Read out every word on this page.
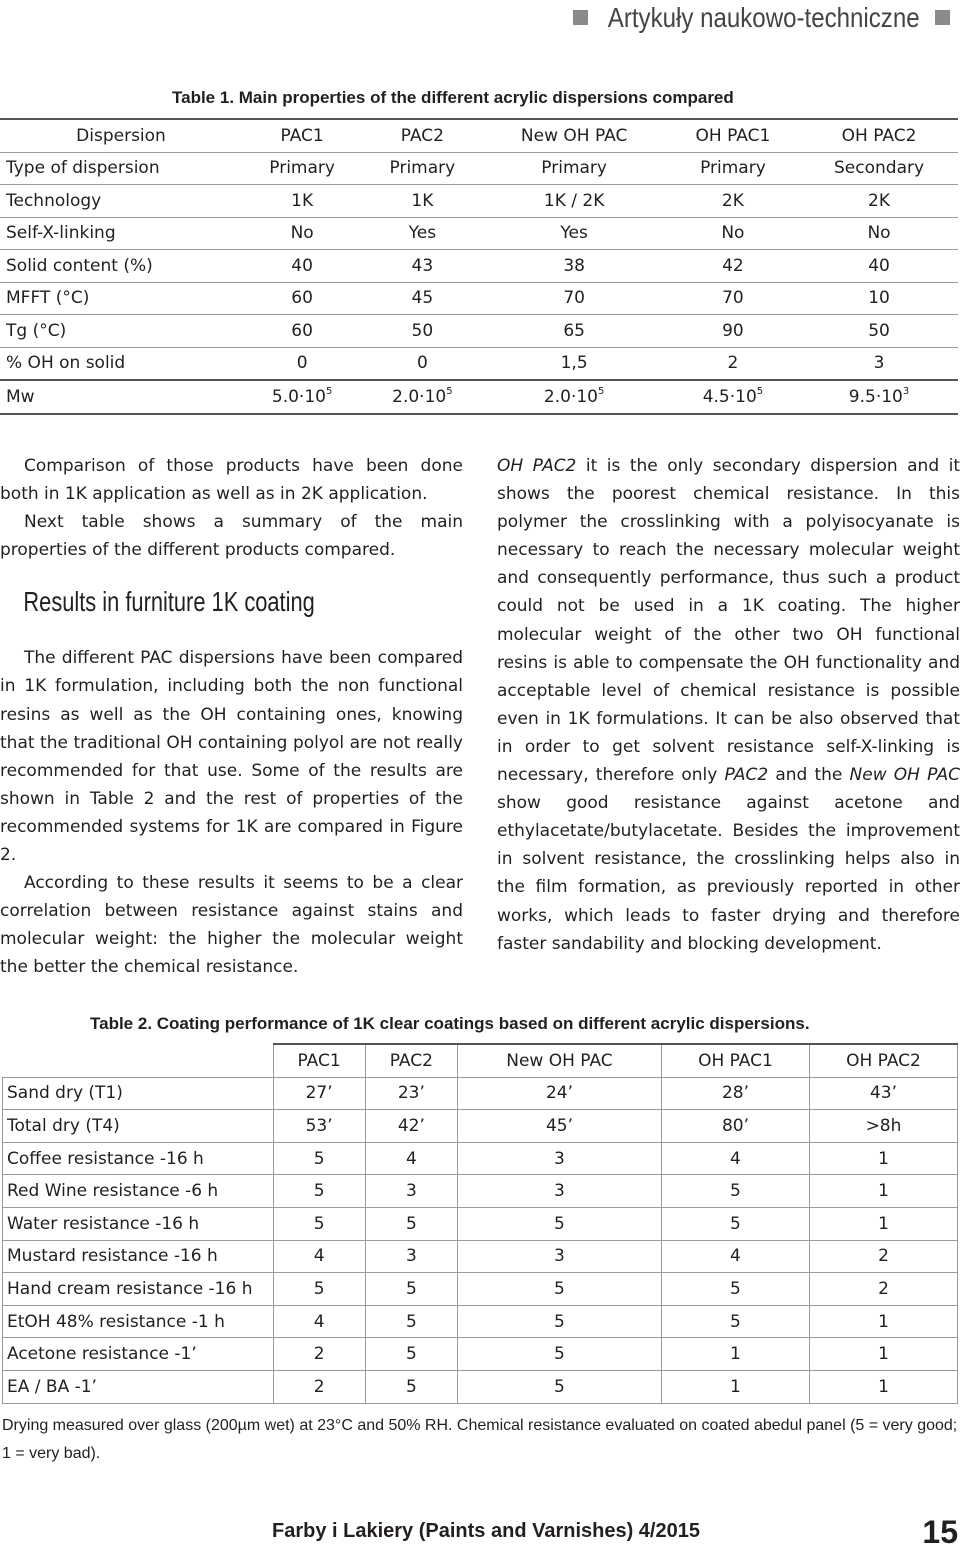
Artykuły naukowo-techniczne
Table 1. Main properties of the different acrylic dispersions compared
Dispersion	PAC1	PAC2	New OH PAC	OH PAC1	OH PAC2
Type of dispersion	Primary	Primary	Primary	Primary	Secondary
Technology	1K	1K	1K / 2K	2K	2K
Self-X-linking	No	Yes	Yes	No	No
Solid content (%)	40	43	38	42	40
MFFT (°C)	60	45	70	70	10
Tg (°C)	60	50	65	90	50
% OH on solid	0	0	1,5	2	3
Mw	$5.0\cdot 10^5$	$2.0\cdot 10^5$	$2.0\cdot 10^5$	$4.5\cdot 10^5$	$9.5\cdot 10^3$

Comparison of those products have been done both in 1K application as well as in 2K application.

Next table shows a summary of the main properties of the different products compared.

Results in furniture 1K coating

The different PAC dispersions have been compared in 1K formulation, including both the non functional resins as well as the OH containing ones, knowing that the traditional OH containing polyol are not really recommended for that use. Some of the results are shown in Table 2 and the rest of properties of the recommended systems for 1K are compared in Figure 2.

According to these results it seems to be a clear correlation between resistance against stains and molecular weight: the higher the molecular weight the better the chemical resistance.

OH PAC2 it is the only secondary dispersion and it shows the poorest chemical resistance. In this polymer the crosslinking with a polyisocyanate is necessary to reach the necessary molecular weight and consequently performance, thus such a product could not be used in a 1K coating. The higher molecular weight of the other two OH functional resins is able to compensate the OH functionality and acceptable level of chemical resistance is possible even in 1K formulations. It can be also observed that in order to get solvent resistance self-X-linking is necessary, therefore only PAC2 and the New OH PAC show good resistance against acetone and ethylacetate/butylacetate. Besides the improvement in solvent resistance, the crosslinking helps also in the film formation, as previously reported in other works, which leads to faster drying and therefore faster sandability and blocking development.

Table 2. Coating performance of 1K clear coatings based on different acrylic dispersions.
	PAC1	PAC2	New OH PAC	OH PAC1	OH PAC2
Sand dry (T1)	27’	23’	24’	28’	43’
Total dry (T4)	53’	42’	45’	80’	>8h
Coffee resistance -16 h	5	4	3	4	1
Red Wine resistance -6 h	5	3	3	5	1
Water resistance -16 h	5	5	5	5	1
Mustard resistance -16 h	4	3	3	4	2
Hand cream resistance -16 h	5	5	5	5	2
EtOH 48% resistance -1 h	4	5	5	5	1
Acetone resistance -1’	2	5	5	1	1
EA / BA -1’	2	5	5	1	1
Drying measured over glass (200µm wet) at 23°C and 50% RH. Chemical resistance evaluated on coated abedul panel (5 = very good; 1 = very bad).
Farby i Lakiery (Paints and Varnishes) 4/2015	15
